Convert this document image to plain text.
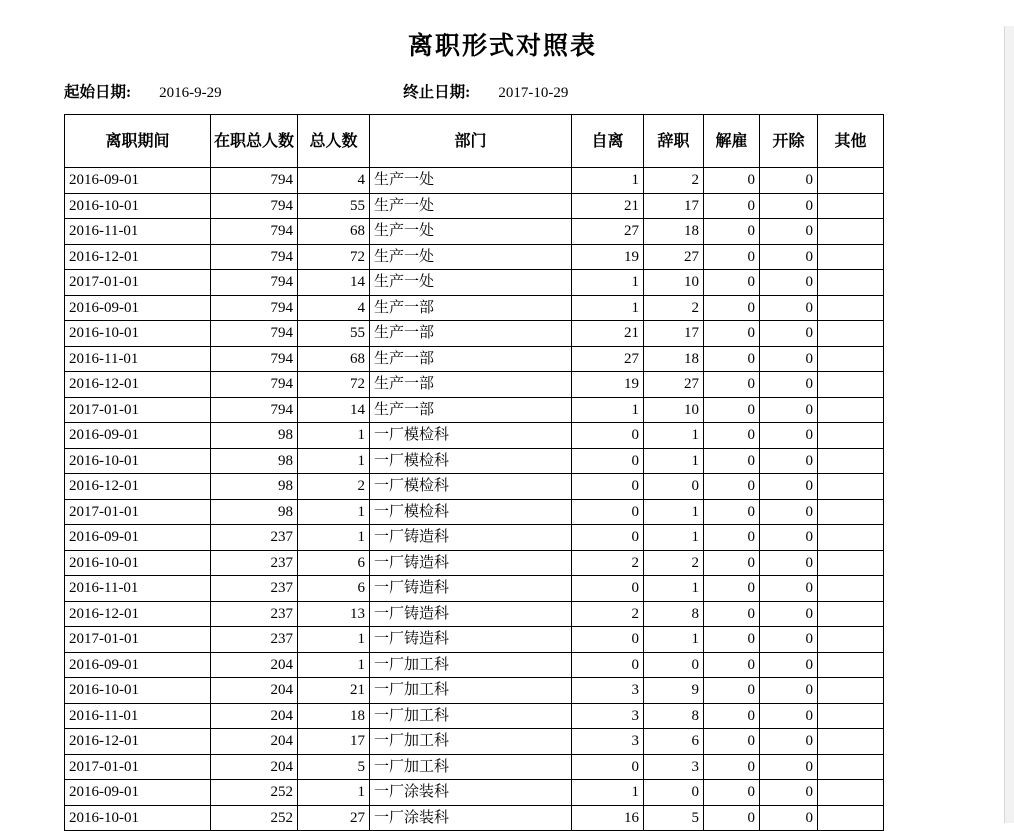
离职形式对照表
起始日期: 2016-9-29	终止日期: 2017-10-29
离职期间	在职总人数	总人数	部门	自离	辞职	解雇	开除	其他
2016-09-01	794	4	生产一处	1	2	0	0	
2016-10-01	794	55	生产一处	21	17	0	0	
2016-11-01	794	68	生产一处	27	18	0	0	
2016-12-01	794	72	生产一处	19	27	0	0	
2017-01-01	794	14	生产一处	1	10	0	0	
2016-09-01	794	4	生产一部	1	2	0	0	
2016-10-01	794	55	生产一部	21	17	0	0	
2016-11-01	794	68	生产一部	27	18	0	0	
2016-12-01	794	72	生产一部	19	27	0	0	
2017-01-01	794	14	生产一部	1	10	0	0	
2016-09-01	98	1	一厂模检科	0	1	0	0	
2016-10-01	98	1	一厂模检科	0	1	0	0	
2016-12-01	98	2	一厂模检科	0	0	0	0	
2017-01-01	98	1	一厂模检科	0	1	0	0	
2016-09-01	237	1	一厂铸造科	0	1	0	0	
2016-10-01	237	6	一厂铸造科	2	2	0	0	
2016-11-01	237	6	一厂铸造科	0	1	0	0	
2016-12-01	237	13	一厂铸造科	2	8	0	0	
2017-01-01	237	1	一厂铸造科	0	1	0	0	
2016-09-01	204	1	一厂加工科	0	0	0	0	
2016-10-01	204	21	一厂加工科	3	9	0	0	
2016-11-01	204	18	一厂加工科	3	8	0	0	
2016-12-01	204	17	一厂加工科	3	6	0	0	
2017-01-01	204	5	一厂加工科	0	3	0	0	
2016-09-01	252	1	一厂涂装科	1	0	0	0	
2016-10-01	252	27	一厂涂装科	16	5	0	0	
